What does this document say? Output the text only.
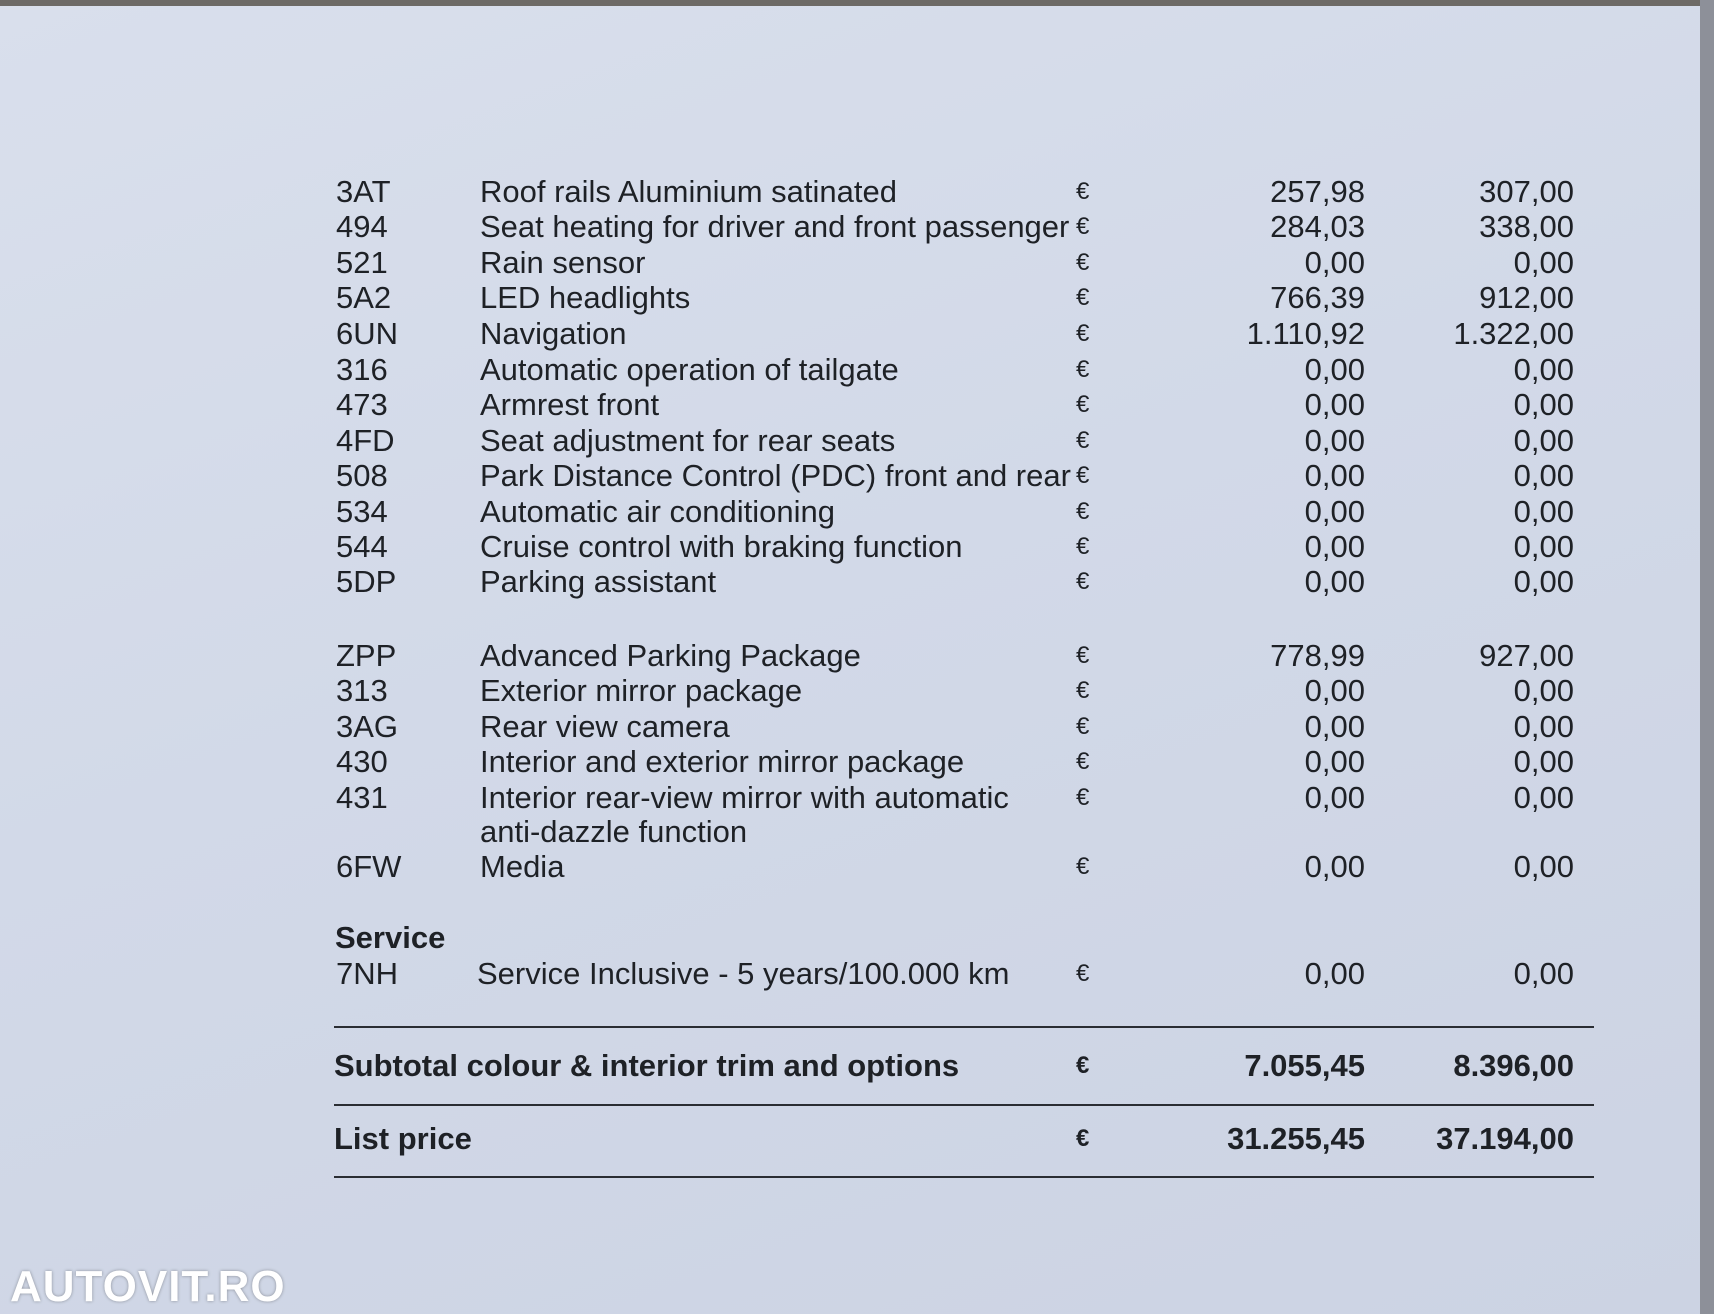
3AT	Roof rails Aluminium satinated	€	257,98	307,00
494	Seat heating for driver and front passenger €	284,03	338,00
521	Rain sensor	€	0,00	0,00
5A2	LED headlights	€	766,39	912,00
6UN	Navigation	€	1.110,92	1.322,00
316	Automatic operation of tailgate	€	0,00	0,00
473	Armrest front	€	0,00	0,00
4FD	Seat adjustment for rear seats	€	0,00	0,00
508	Park Distance Control (PDC) front and rear €	0,00	0,00
534	Automatic air conditioning	€	0,00	0,00
544	Cruise control with braking function	€	0,00	0,00
5DP	Parking assistant	€	0,00	0,00
ZPP	Advanced Parking Package	€	778,99	927,00
313	Exterior mirror package	€	0,00	0,00
3AG	Rear view camera	€	0,00	0,00
430	Interior and exterior mirror package	€	0,00	0,00
431	Interior rear-view mirror with automatic	€	0,00	0,00
anti-dazzle function
6FW	Media	€	0,00	0,00
Service
7NH	Service Inclusive - 5 years/100.000 km	€	0,00	0,00
Subtotal colour & interior trim and options	€	7.055,45	8.396,00
List price	€	31.255,45 37.194,00
AUTOVIT.RO
